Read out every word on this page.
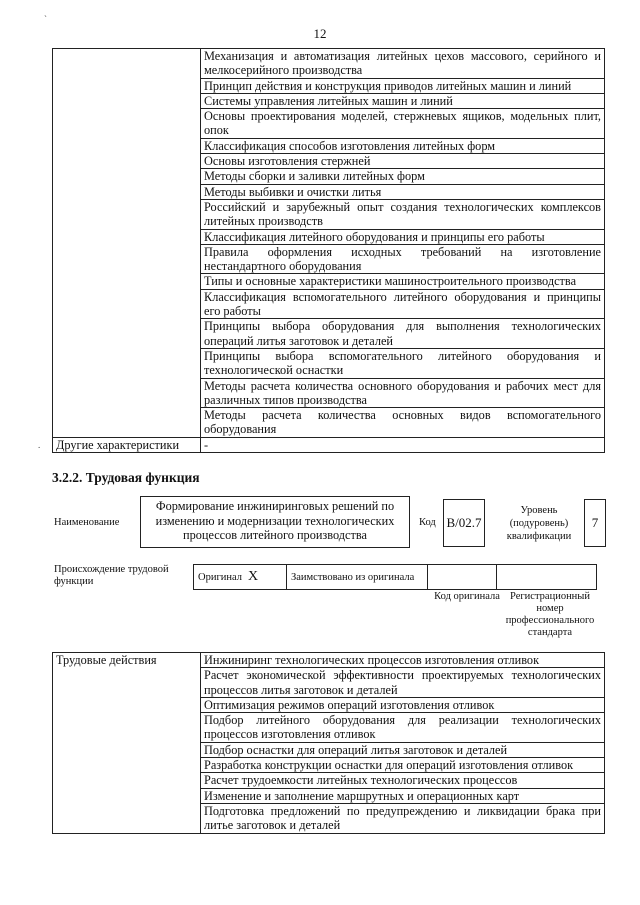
12
`
.
	Механизация и автоматизация литейных цехов массового, серийного и мелкосерийного производства
	Принцип действия и конструкция приводов литейных машин и линий
	Системы управления литейных машин и линий
	Основы проектирования моделей, стержневых ящиков, модельных плит, опок
	Классификация способов изготовления литейных форм
	Основы изготовления стержней
	Методы сборки и заливки литейных форм
	Методы выбивки и очистки литья
	Российский и зарубежный опыт создания технологических комплексов литейных производств
	Классификация литейного оборудования и принципы его работы
	Правила оформления исходных требований на изготовление нестандартного оборудования
	Типы и основные характеристики машиностроительного производства
	Классификация вспомогательного литейного оборудования и принципы его работы
	Принципы выбора оборудования для выполнения технологических операций литья заготовок и деталей
	Принципы выбора вспомогательного литейного оборудования и технологической оснастки
	Методы расчета количества основного оборудования и рабочих мест для различных типов производства
	Методы расчета количества основных видов вспомогательного оборудования
Другие характеристики	-
3.2.2. Трудовая функция
Наименование
Формирование инжиниринговых решений по изменению и модернизации технологических процессов литейного производства
Код B/02.7
Уровень (подуровень) квалификации
7
Происхождение трудовой функции	Оригинал X	Заимствовано из оригинала		
Код оригинала Регистрационный номер профессионального стандарта
Трудовые действия	Инжиниринг технологических процессов изготовления отливок
Расчет экономической эффективности проектируемых технологических процессов литья заготовок и деталей
Оптимизация режимов операций изготовления отливок
Подбор литейного оборудования для реализации технологических процессов изготовления отливок
Подбор оснастки для операций литья заготовок и деталей
Разработка конструкции оснастки для операций изготовления отливок
Расчет трудоемкости литейных технологических процессов
Изменение и заполнение маршрутных и операционных карт
Подготовка предложений по предупреждению и ликвидации брака при литье заготовок и деталей
